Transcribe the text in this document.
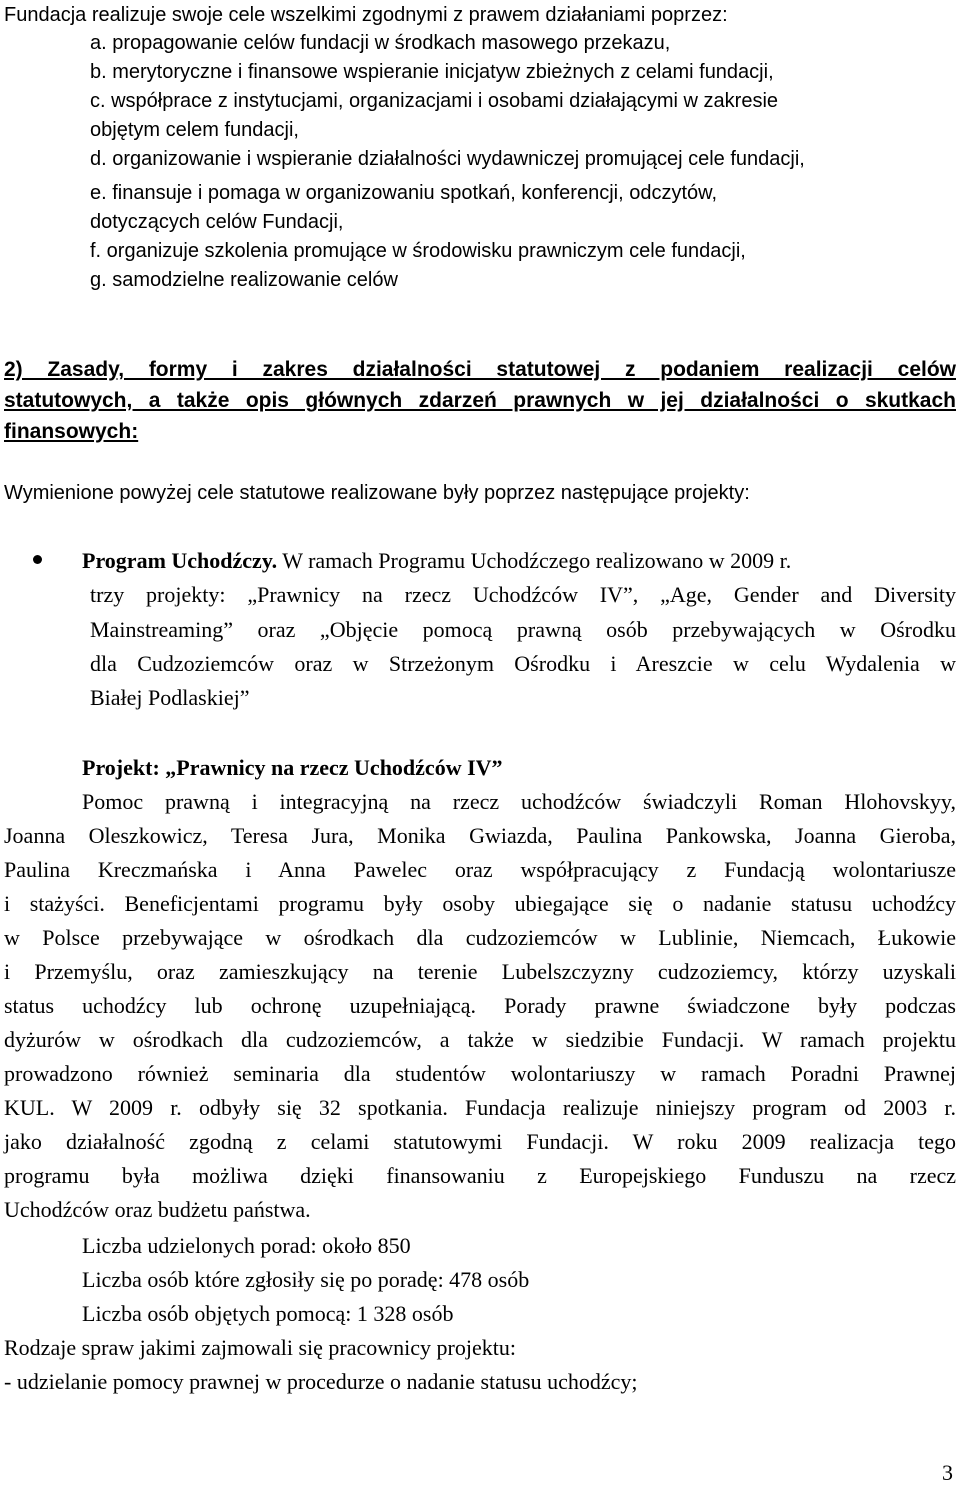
Fundacja realizuje swoje cele wszelkimi zgodnymi z prawem działaniami poprzez:
a. propagowanie celów fundacji w środkach masowego przekazu,
b. merytoryczne i finansowe wspieranie inicjatyw zbieżnych z celami fundacji,
c. współprace z instytucjami, organizacjami i osobami działającymi w zakresie
objętym celem fundacji,
d. organizowanie i wspieranie działalności wydawniczej promującej cele fundacji,
e. finansuje i pomaga w organizowaniu spotkań, konferencji, odczytów,
dotyczących celów Fundacji,
f. organizuje szkolenia promujące w środowisku prawniczym cele fundacji,
g. samodzielne realizowanie celów
2) Zasady, formy i zakres działalności statutowej z podaniem realizacji celów
statutowych, a także opis głównych zdarzeń prawnych w jej działalności o skutkach
finansowych:
Wymienione powyżej cele statutowe realizowane były poprzez następujące projekty:
Program Uchodźczy. W ramach Programu Uchodźczego realizowano w 2009 r.
trzy projekty: „Prawnicy na rzecz Uchodźców IV”, „Age, Gender and Diversity
Mainstreaming” oraz „Objęcie pomocą prawną osób przebywających w Ośrodku
dla Cudzoziemców oraz w Strzeżonym Ośrodku i Areszcie w celu Wydalenia w
Białej Podlaskiej”
Projekt: „Prawnicy na rzecz Uchodźców IV”
Pomoc prawną i integracyjną na rzecz uchodźców świadczyli Roman Hlohovskyy,
Joanna Oleszkowicz, Teresa Jura, Monika Gwiazda, Paulina Pankowska, Joanna Gieroba,
Paulina Kreczmańska i Anna Pawelec oraz współpracujący z Fundacją wolontariusze
i stażyści. Beneficjentami programu były osoby ubiegające się o nadanie statusu uchodźcy
w Polsce przebywające w ośrodkach dla cudzoziemców w Lublinie, Niemcach, Łukowie
i Przemyślu, oraz zamieszkujący na terenie Lubelszczyzny cudzoziemcy, którzy uzyskali
status uchodźcy lub ochronę uzupełniającą. Porady prawne świadczone były podczas
dyżurów w ośrodkach dla cudzoziemców, a także w siedzibie Fundacji. W ramach projektu
prowadzono również seminaria dla studentów wolontariuszy w ramach Poradni Prawnej
KUL. W 2009 r. odbyły się 32 spotkania. Fundacja realizuje niniejszy program od 2003 r.
jako działalność zgodną z celami statutowymi Fundacji. W roku 2009 realizacja tego
programu była możliwa dzięki finansowaniu z Europejskiego Funduszu na rzecz
Uchodźców oraz budżetu państwa.
Liczba udzielonych porad: około 850
Liczba osób które zgłosiły się po poradę: 478 osób
Liczba osób objętych pomocą: 1 328 osób
Rodzaje spraw jakimi zajmowali się pracownicy projektu:
- udzielanie pomocy prawnej w procedurze o nadanie statusu uchodźcy;
3
